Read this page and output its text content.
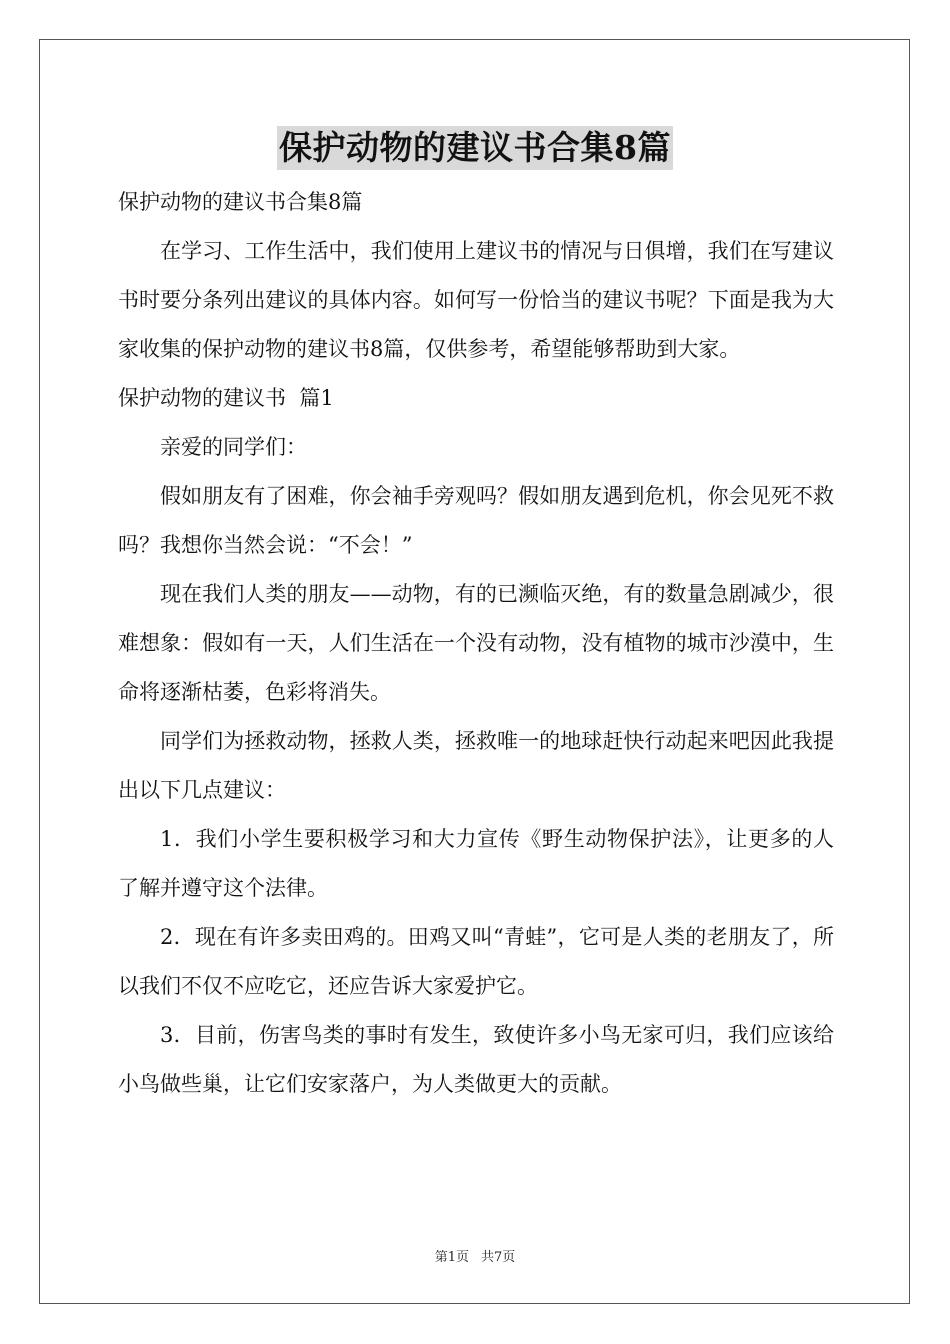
保护动物的建议书合集8篇

保护动物的建议书合集8篇

在学习、工作生活中，我们使用上建议书的情况与日俱增，我们在写建议书时要分条列出建议的具体内容。如何写一份恰当的建议书呢？下面是我为大家收集的保护动物的建议书8篇，仅供参考，希望能够帮助到大家。

保护动物的建议书  篇1

亲爱的同学们：

假如朋友有了困难，你会袖手旁观吗？假如朋友遇到危机，你会见死不救吗？我想你当然会说：“不会！”

现在我们人类的朋友——动物，有的已濒临灭绝，有的数量急剧减少，很难想象：假如有一天，人们生活在一个没有动物，没有植物的城市沙漠中，生命将逐渐枯萎，色彩将消失。

同学们为拯救动物，拯救人类，拯救唯一的地球赶快行动起来吧因此我提出以下几点建议：

1．我们小学生要积极学习和大力宣传《野生动物保护法》，让更多的人了解并遵守这个法律。

2．现在有许多卖田鸡的。田鸡又叫“青蛙”，它可是人类的老朋友了，所以我们不仅不应吃它，还应告诉大家爱护它。

3．目前，伤害鸟类的事时有发生，致使许多小鸟无家可归，我们应该给小鸟做些巢，让它们安家落户，为人类做更大的贡献。

第1页 共7页
